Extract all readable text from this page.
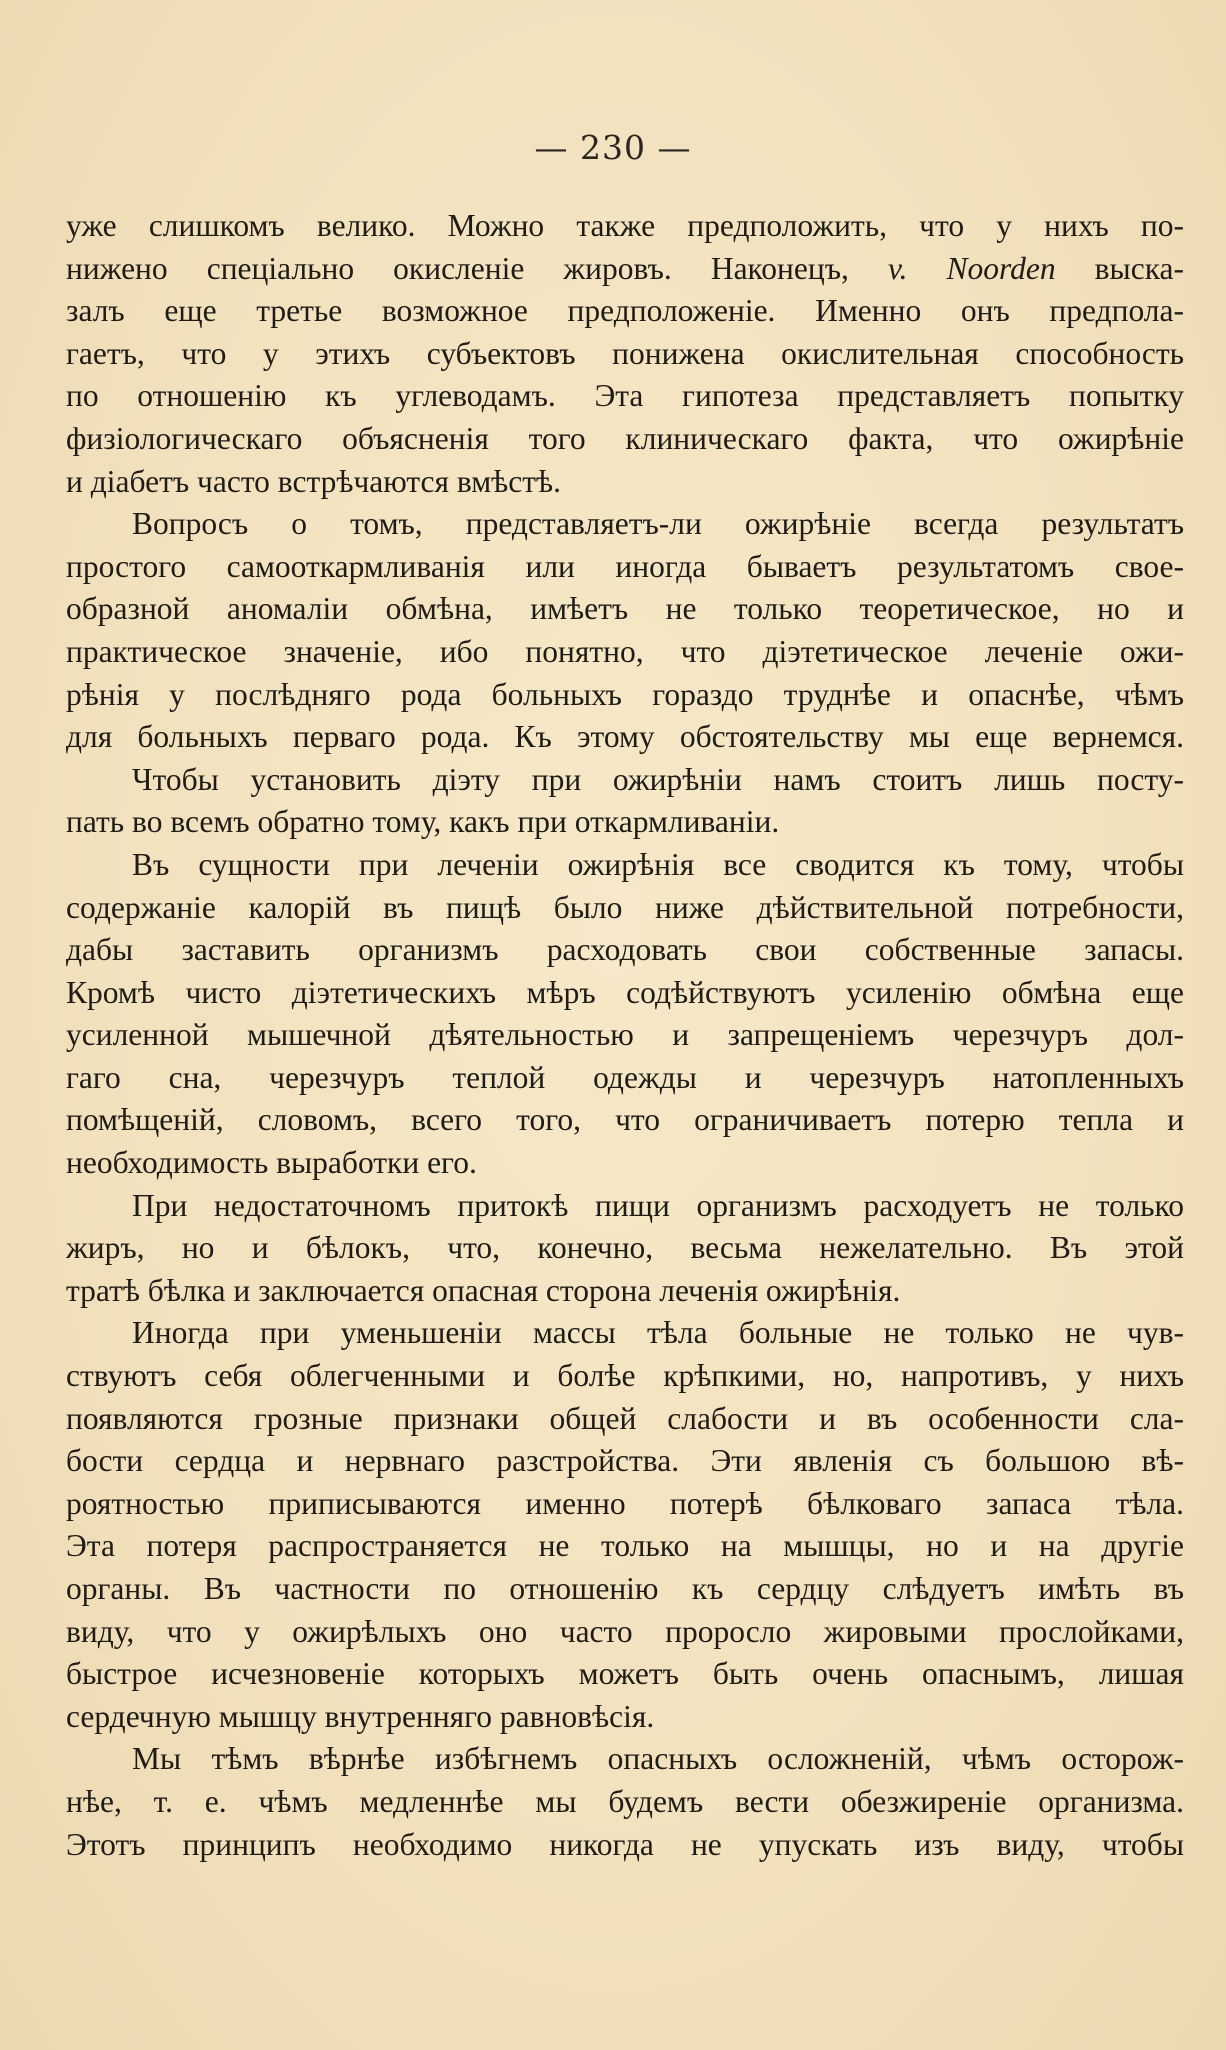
— 230 —
уже слишкомъ велико. Можно также предположить, что у нихъ по-
нижено спеціально окисленіе жировъ. Наконецъ, v. Noorden выска-
залъ еще третье возможное предположеніе. Именно онъ предпола-
гаетъ, что у этихъ субъектовъ понижена окислительная способность
по отношенію къ углеводамъ. Эта гипотеза представляетъ попытку
физіологическаго объясненія того клиническаго факта, что ожирѣніе
и діабетъ часто встрѣчаются вмѣстѣ.
Вопросъ о томъ, представляетъ-ли ожирѣніе всегда результатъ
простого самооткармливанія или иногда бываетъ результатомъ свое-
образной аномаліи обмѣна, имѣетъ не только теоретическое, но и
практическое значеніе, ибо понятно, что діэтетическое леченіе ожи-
рѣнія у послѣдняго рода больныхъ гораздо труднѣе и опаснѣе, чѣмъ
для больныхъ перваго рода. Къ этому обстоятельству мы еще вернемся.
Чтобы установить діэту при ожирѣніи намъ стоитъ лишь посту-
пать во всемъ обратно тому, какъ при откармливаніи.
Въ сущности при леченіи ожирѣнія все сводится къ тому, чтобы
содержаніе калорій въ пищѣ было ниже дѣйствительной потребности,
дабы заставить организмъ расходовать свои собственные запасы.
Кромѣ чисто діэтетическихъ мѣръ содѣйствуютъ усиленію обмѣна еще
усиленной мышечной дѣятельностью и запрещеніемъ черезчуръ дол-
гаго сна, черезчуръ теплой одежды и черезчуръ натопленныхъ
помѣщеній, словомъ, всего того, что ограничиваетъ потерю тепла и
необходимость выработки его.
При недостаточномъ притокѣ пищи организмъ расходуетъ не только
жиръ, но и бѣлокъ, что, конечно, весьма нежелательно. Въ этой
тратѣ бѣлка и заключается опасная сторона леченія ожирѣнія.
Иногда при уменьшеніи массы тѣла больные не только не чув-
ствуютъ себя облегченными и болѣе крѣпкими, но, напротивъ, у нихъ
появляются грозные признаки общей слабости и въ особенности сла-
бости сердца и нервнаго разстройства. Эти явленія съ большою вѣ-
роятностью приписываются именно потерѣ бѣлковаго запаса тѣла.
Эта потеря распространяется не только на мышцы, но и на другіе
органы. Въ частности по отношенію къ сердцу слѣдуетъ имѣть въ
виду, что у ожирѣлыхъ оно часто проросло жировыми прослойками,
быстрое исчезновеніе которыхъ можетъ быть очень опаснымъ, лишая
сердечную мышцу внутренняго равновѣсія.
Мы тѣмъ вѣрнѣе избѣгнемъ опасныхъ осложненій, чѣмъ осторож-
нѣе, т. е. чѣмъ медленнѣе мы будемъ вести обезжиреніе организма.
Этотъ принципъ необходимо никогда не упускать изъ виду, чтобы
